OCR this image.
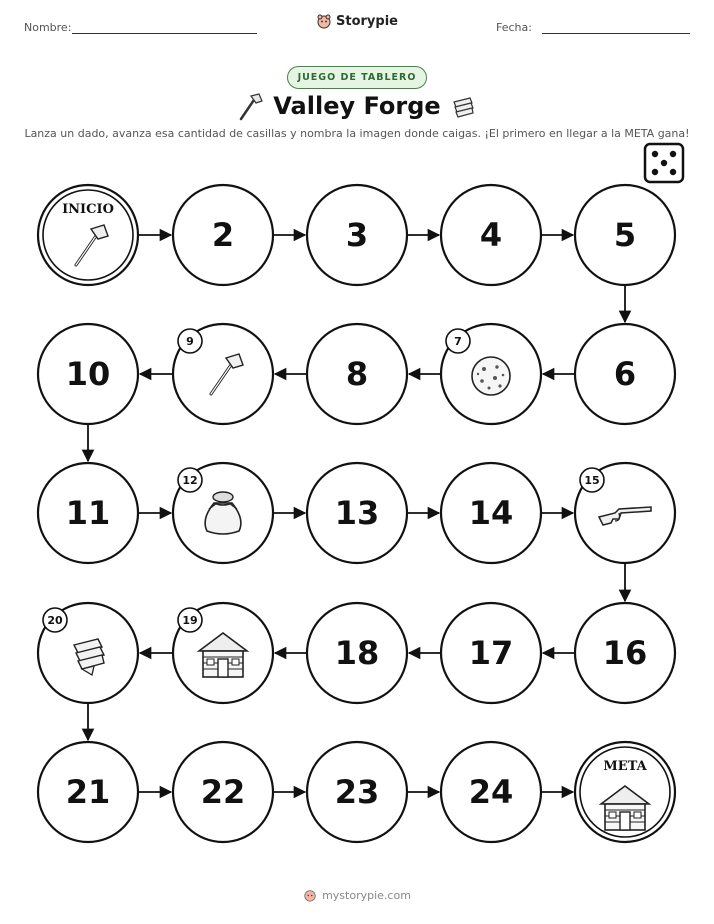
Nombre:	Fecha:
Storypie
JUEGO DE TABLERO
Valley Forge
Lanza un dado, avanza esa cantidad de casillas y nombra la imagen donde caigas. ¡El primero en llegar a la META gana!
INICIO
2	3	4	5
6
7
8
9
10
11
12
13	14
15
16
17
18
19
20
21	22	23	24
META
mystorypie.com
